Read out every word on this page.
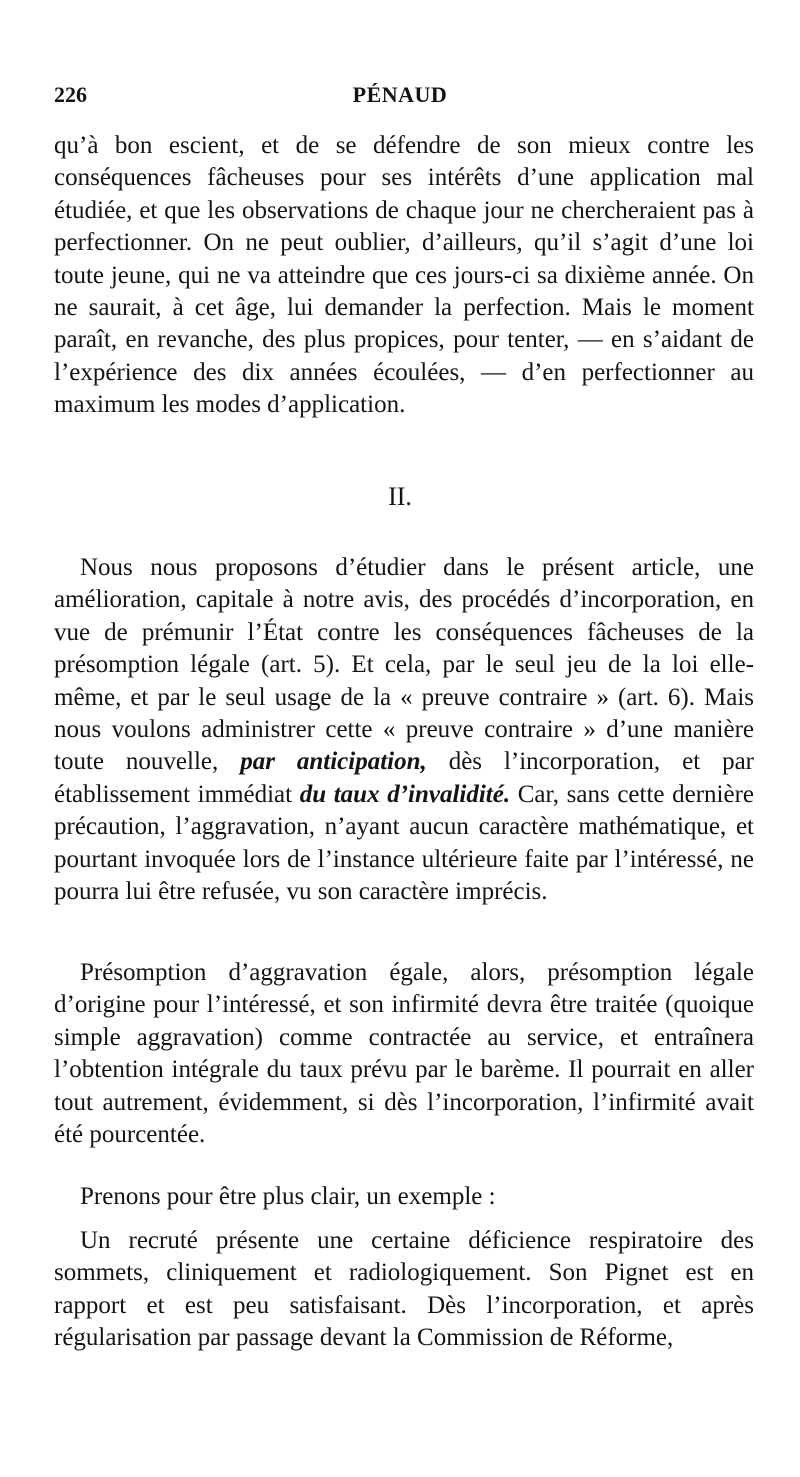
226	PÉNAUD

qu’à bon escient, et de se défendre de son mieux contre les conséquences fâcheuses pour ses intérêts d’une application mal étudiée, et que les observations de chaque jour ne chercheraient pas à perfectionner. On ne peut oublier, d’ailleurs, qu’il s’agit d’une loi toute jeune, qui ne va atteindre que ces jours-ci sa dixième année. On ne saurait, à cet âge, lui demander la perfection. Mais le moment paraît, en revanche, des plus propices, pour tenter, — en s’aidant de l’expérience des dix années écoulées, — d’en perfectionner au maximum les modes d’application.

II.

Nous nous proposons d’étudier dans le présent article, une amélioration, capitale à notre avis, des procédés d’incorporation, en vue de prémunir l’État contre les conséquences fâcheuses de la présomption légale (art. 5). Et cela, par le seul jeu de la loi elle-même, et par le seul usage de la « preuve contraire » (art. 6). Mais nous voulons administrer cette « preuve contraire » d’une manière toute nouvelle, par anticipation, dès l’incorporation, et par établissement immédiat du taux d’invalidité. Car, sans cette dernière précaution, l’aggravation, n’ayant aucun caractère mathématique, et pourtant invoquée lors de l’instance ultérieure faite par l’intéressé, ne pourra lui être refusée, vu son caractère imprécis.

Présomption d’aggravation égale, alors, présomption légale d’origine pour l’intéressé, et son infirmité devra être traitée (quoique simple aggravation) comme contractée au service, et entraînera l’obtention intégrale du taux prévu par le barème. Il pourrait en aller tout autrement, évidemment, si dès l’incorporation, l’infirmité avait été pourcentée.

Prenons pour être plus clair, un exemple :

Un recruté présente une certaine déficience respiratoire des sommets, cliniquement et radiologiquement. Son Pignet est en rapport et est peu satisfaisant. Dès l’incorporation, et après régularisation par passage devant la Commission de Réforme,
